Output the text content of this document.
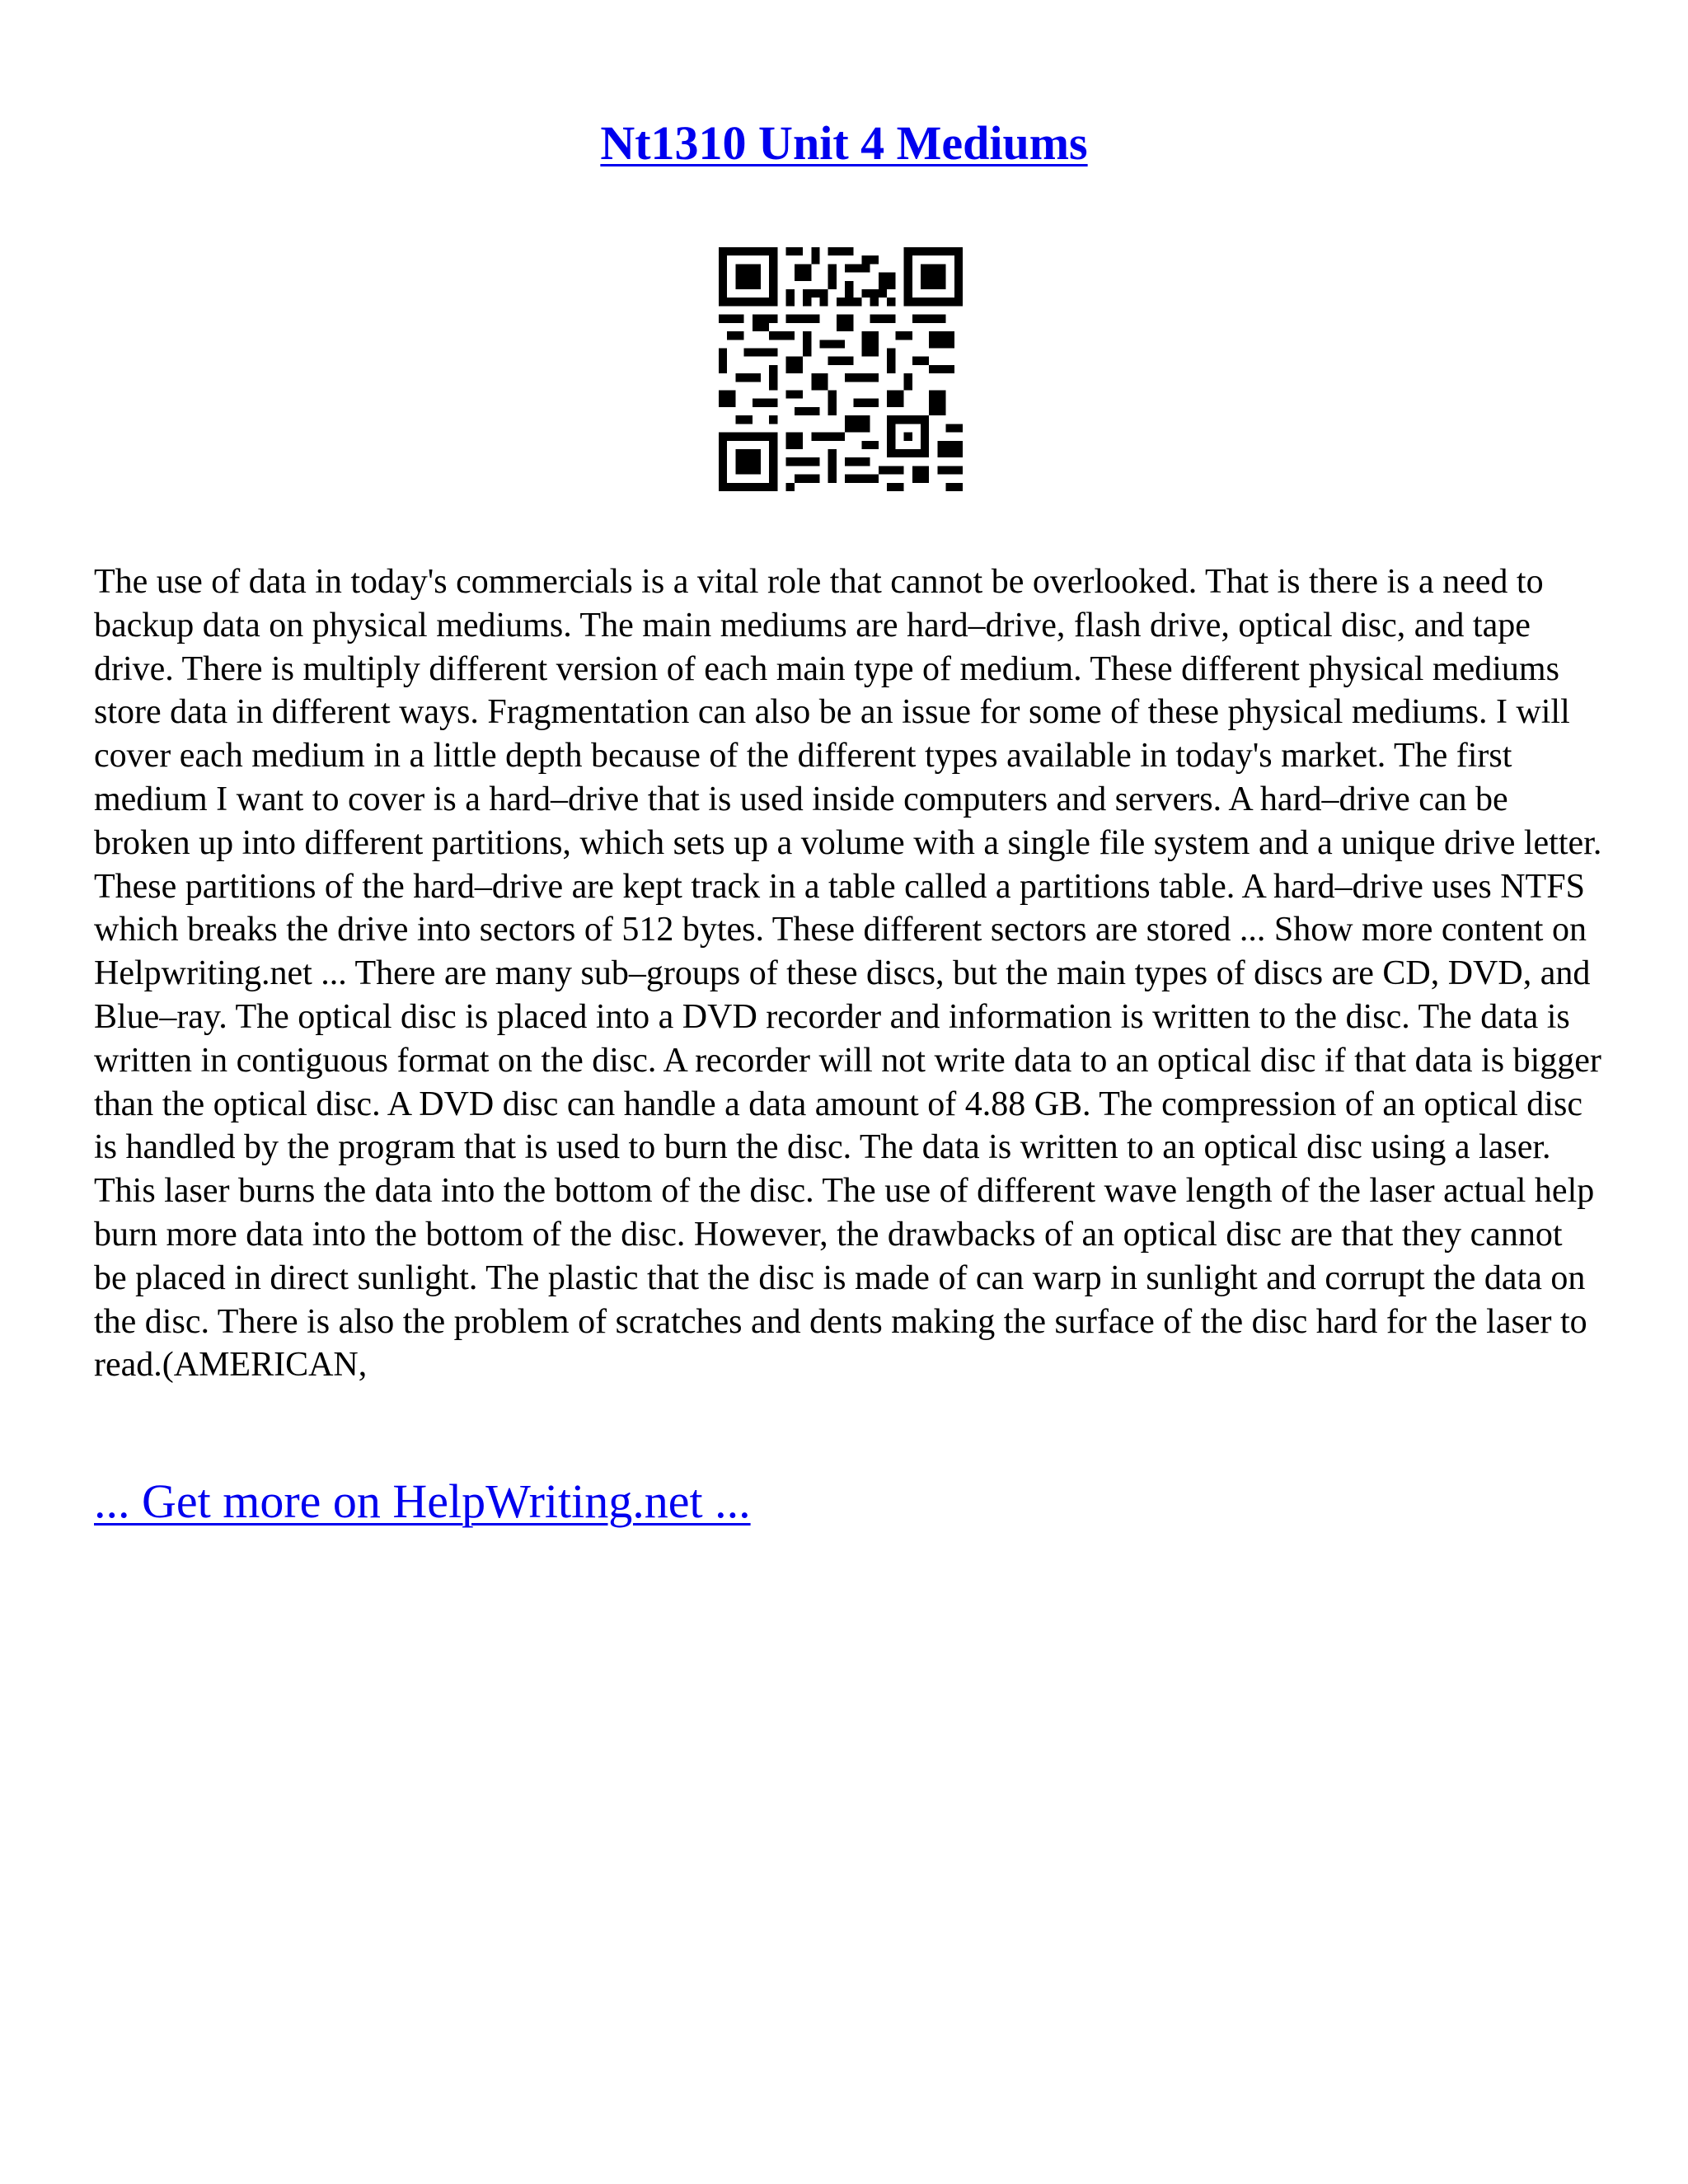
Nt1310 Unit 4 Mediums

The use of data in today's commercials is a vital role that cannot be overlooked. That is there is a need to backup data on physical mediums. The main mediums are hard–drive, flash drive, optical disc, and tape drive. There is multiply different version of each main type of medium. These different physical mediums store data in different ways. Fragmentation can also be an issue for some of these physical mediums. I will cover each medium in a little depth because of the different types available in today's market. The first medium I want to cover is a hard–drive that is used inside computers and servers. A hard–drive can be broken up into different partitions, which sets up a volume with a single file system and a unique drive letter. These partitions of the hard–drive are kept track in a table called a partitions table. A hard–drive uses NTFS which breaks the drive into sectors of 512 bytes. These different sectors are stored ... Show more content on Helpwriting.net ... There are many sub–groups of these discs, but the main types of discs are CD, DVD, and Blue–ray. The optical disc is placed into a DVD recorder and information is written to the disc. The data is written in contiguous format on the disc. A recorder will not write data to an optical disc if that data is bigger than the optical disc. A DVD disc can handle a data amount of 4.88 GB. The compression of an optical disc is handled by the program that is used to burn the disc. The data is written to an optical disc using a laser. This laser burns the data into the bottom of the disc. The use of different wave length of the laser actual help burn more data into the bottom of the disc. However, the drawbacks of an optical disc are that they cannot be placed in direct sunlight. The plastic that the disc is made of can warp in sunlight and corrupt the data on the disc. There is also the problem of scratches and dents making the surface of the disc hard for the laser to read.(AMERICAN,

... Get more on HelpWriting.net ...
